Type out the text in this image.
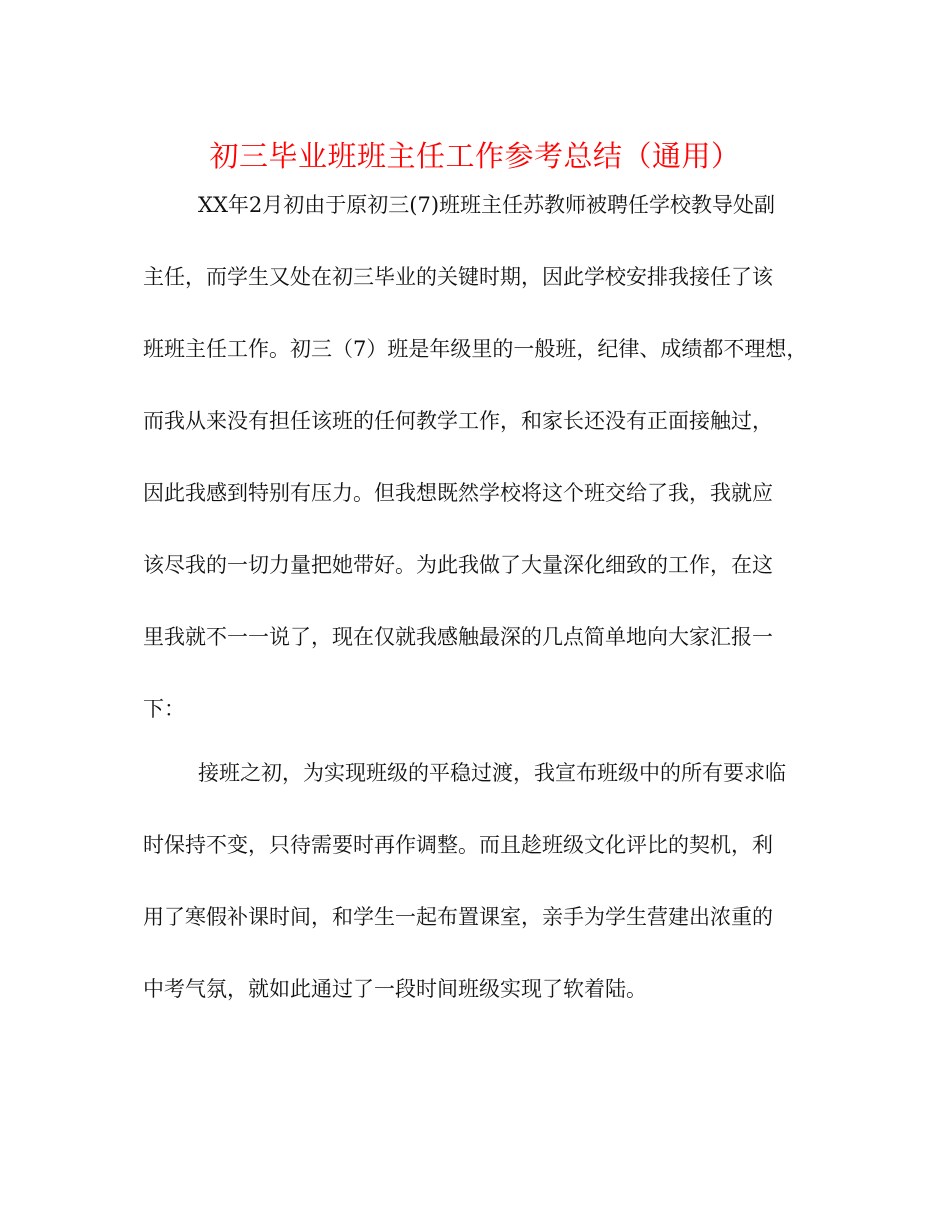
初三毕业班班主任工作参考总结（通用）

XX年2月初由于原初三(7)班班主任苏教师被聘任学校教导处副

主任，而学生又处在初三毕业的关键时期，因此学校安排我接任了该

班班主任工作。初三（7）班是年级里的一般班，纪律、成绩都不理想，

而我从来没有担任该班的任何教学工作，和家长还没有正面接触过，

因此我感到特别有压力。但我想既然学校将这个班交给了我，我就应

该尽我的一切力量把她带好。为此我做了大量深化细致的工作，在这

里我就不一一说了，现在仅就我感触最深的几点简单地向大家汇报一

下：

接班之初，为实现班级的平稳过渡，我宣布班级中的所有要求临

时保持不变，只待需要时再作调整。而且趁班级文化评比的契机，利

用了寒假补课时间，和学生一起布置课室，亲手为学生营建出浓重的

中考气氛，就如此通过了一段时间班级实现了软着陆。
